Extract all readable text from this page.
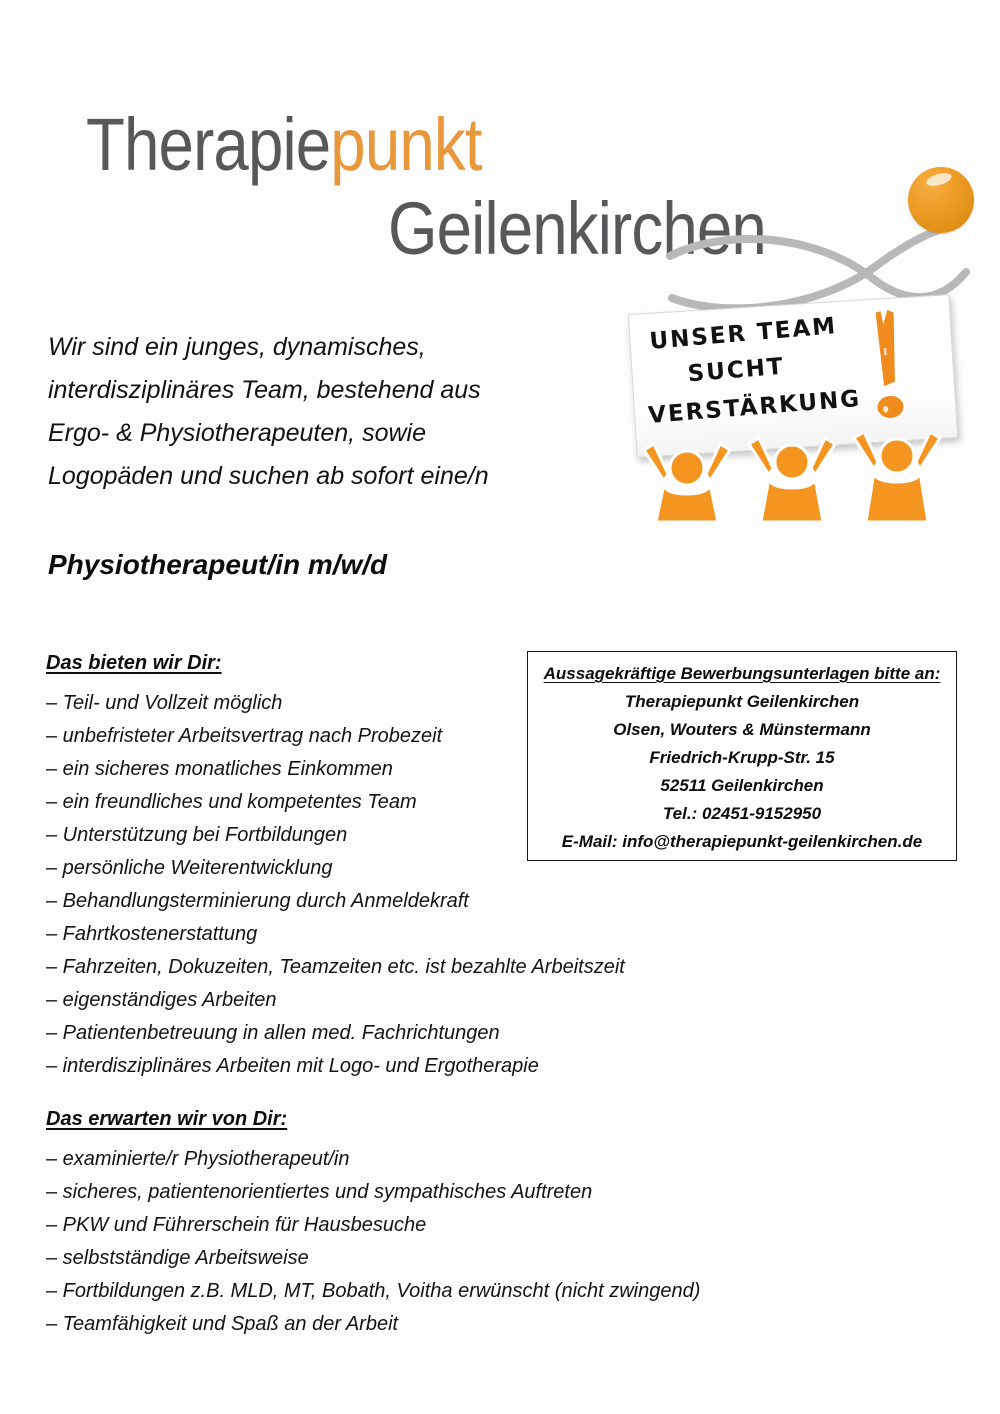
Therapiepunkt
Geilenkirchen
Wir sind ein junges, dynamisches,
interdisziplinäres Team, bestehend aus
Ergo- & Physiotherapeuten, sowie
Logopäden und suchen ab sofort eine/n
UNSER TEAM
SUCHT
VERSTÄRKUNG
Physiotherapeut/in m/w/d
Das bieten wir Dir:
– Teil- und Vollzeit möglich
– unbefristeter Arbeitsvertrag nach Probezeit
– ein sicheres monatliches Einkommen
– ein freundliches und kompetentes Team
– Unterstützung bei Fortbildungen
– persönliche Weiterentwicklung
– Behandlungsterminierung durch Anmeldekraft
– Fahrtkostenerstattung
– Fahrzeiten, Dokuzeiten, Teamzeiten etc. ist bezahlte Arbeitszeit
– eigenständiges Arbeiten
– Patientenbetreuung in allen med. Fachrichtungen
– interdisziplinäres Arbeiten mit Logo- und Ergotherapie
Aussagekräftige Bewerbungsunterlagen bitte an:
Therapiepunkt Geilenkirchen
Olsen, Wouters & Münstermann
Friedrich-Krupp-Str. 15
52511 Geilenkirchen
Tel.: 02451-9152950
E-Mail: info@therapiepunkt-geilenkirchen.de
Das erwarten wir von Dir:
– examinierte/r Physiotherapeut/in
– sicheres, patientenorientiertes und sympathisches Auftreten
– PKW und Führerschein für Hausbesuche
– selbstständige Arbeitsweise
– Fortbildungen z.B. MLD, MT, Bobath, Voitha erwünscht (nicht zwingend)
– Teamfähigkeit und Spaß an der Arbeit
